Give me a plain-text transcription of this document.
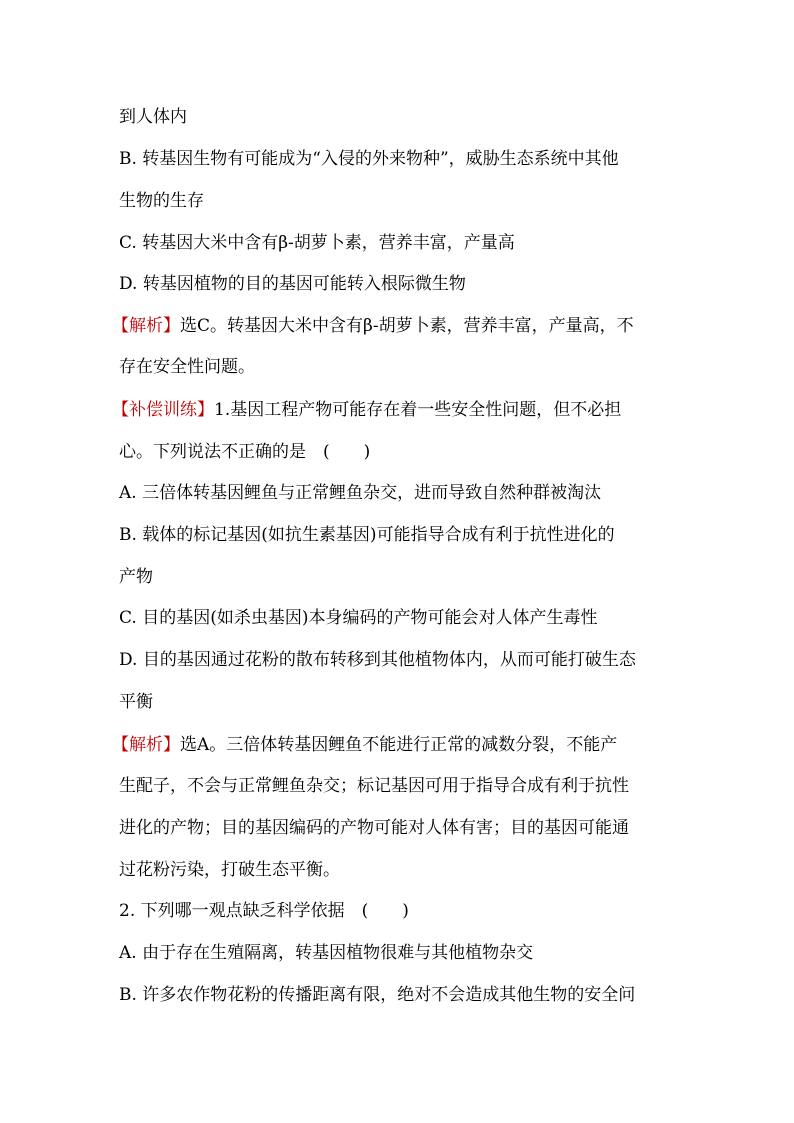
到人体内
B. 转基因生物有可能成为“入侵的外来物种”，威胁生态系统中其他
生物的生存
C. 转基因大米中含有β-胡萝卜素，营养丰富，产量高
D. 转基因植物的目的基因可能转入根际微生物
【解析】选C。转基因大米中含有β-胡萝卜素，营养丰富，产量高，不
存在安全性问题。
【补偿训练】1.基因工程产物可能存在着一些安全性问题，但不必担
心。下列说法不正确的是　(　　)
A. 三倍体转基因鲤鱼与正常鲤鱼杂交，进而导致自然种群被淘汰
B. 载体的标记基因(如抗生素基因)可能指导合成有利于抗性进化的
产物
C. 目的基因(如杀虫基因)本身编码的产物可能会对人体产生毒性
D. 目的基因通过花粉的散布转移到其他植物体内，从而可能打破生态
平衡
【解析】选A。三倍体转基因鲤鱼不能进行正常的减数分裂，不能产
生配子，不会与正常鲤鱼杂交；标记基因可用于指导合成有利于抗性
进化的产物；目的基因编码的产物可能对人体有害；目的基因可能通
过花粉污染，打破生态平衡。
2. 下列哪一观点缺乏科学依据　(　　)
A. 由于存在生殖隔离，转基因植物很难与其他植物杂交
B. 许多农作物花粉的传播距离有限，绝对不会造成其他生物的安全问
